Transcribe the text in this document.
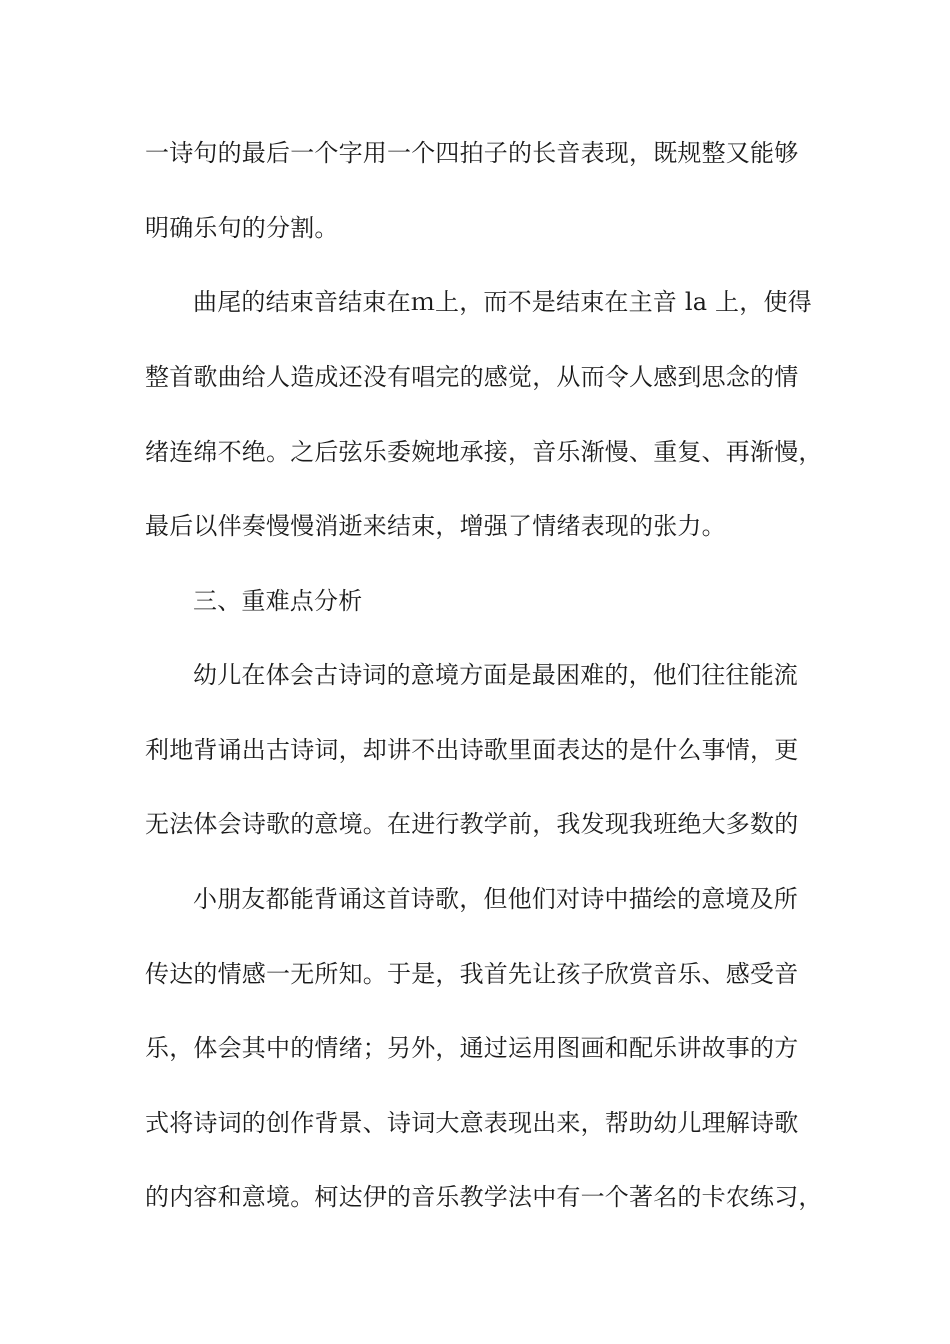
一诗句的最后一个字用一个四拍子的长音表现，既规整又能够
明确乐句的分割。
曲尾的结束音结束在ｍ上，而不是结束在主音 la 上，使得
整首歌曲给人造成还没有唱完的感觉，从而令人感到思念的情
绪连绵不绝。之后弦乐委婉地承接，音乐渐慢、重复、再渐慢，
最后以伴奏慢慢消逝来结束，增强了情绪表现的张力。
三、重难点分析
幼儿在体会古诗词的意境方面是最困难的，他们往往能流
利地背诵出古诗词，却讲不出诗歌里面表达的是什么事情，更
无法体会诗歌的意境。在进行教学前，我发现我班绝大多数的
小朋友都能背诵这首诗歌，但他们对诗中描绘的意境及所
传达的情感一无所知。于是，我首先让孩子欣赏音乐、感受音
乐，体会其中的情绪；另外，通过运用图画和配乐讲故事的方
式将诗词的创作背景、诗词大意表现出来，帮助幼儿理解诗歌
的内容和意境。柯达伊的音乐教学法中有一个著名的卡农练习，
